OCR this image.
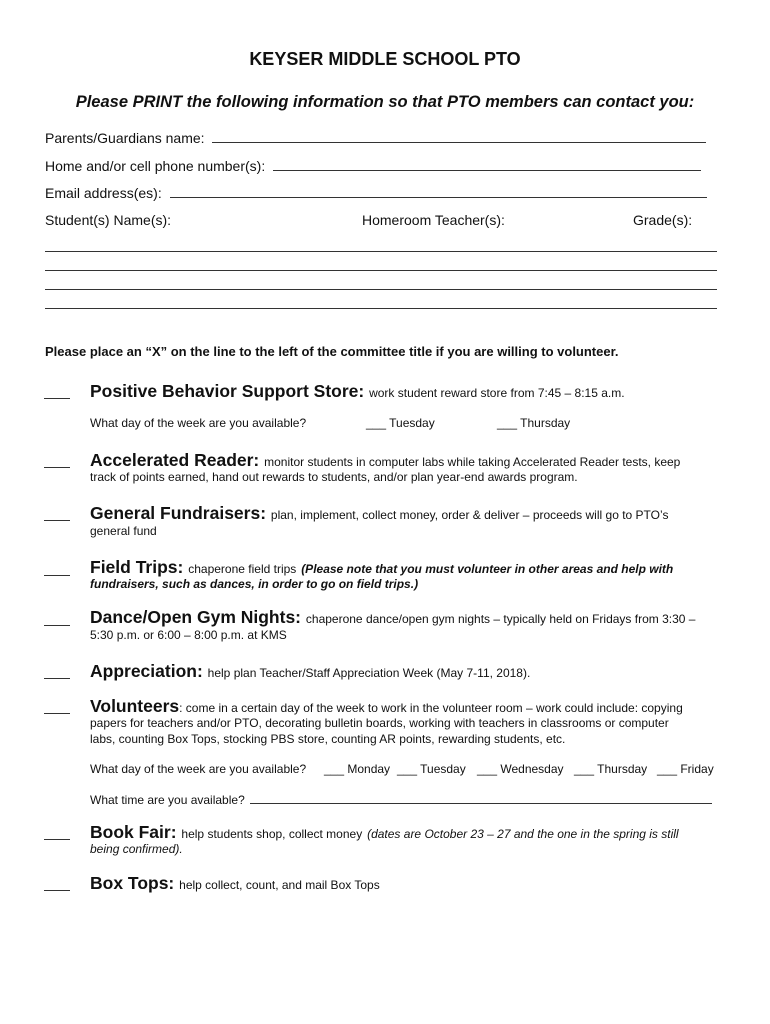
KEYSER MIDDLE SCHOOL PTO
Please PRINT the following information so that PTO members can contact you:
Parents/Guardians name:
Home and/or cell phone number(s):
Email address(es):
Student(s) Name(s):	Homeroom Teacher(s):	Grade(s):
Please place an “X” on the line to the left of the committee title if you are willing to volunteer.
Positive Behavior Support Store: work student reward store from 7:45 – 8:15 a.m.
What day of the week are you available?	___ Tuesday	___ Thursday
Accelerated Reader: monitor students in computer labs while taking Accelerated Reader tests, keep
track of points earned, hand out rewards to students, and/or plan year-end awards program.
General Fundraisers: plan, implement, collect money, order & deliver – proceeds will go to PTO’s
general fund
Field Trips: chaperone field trips (Please note that you must volunteer in other areas and help with
fundraisers, such as dances, in order to go on field trips.)
Dance/Open Gym Nights: chaperone dance/open gym nights – typically held on Fridays from 3:30 –
5:30 p.m. or 6:00 – 8:00 p.m. at KMS
Appreciation: help plan Teacher/Staff Appreciation Week (May 7-11, 2018).
Volunteers: come in a certain day of the week to work in the volunteer room – work could include: copying
papers for teachers and/or PTO, decorating bulletin boards, working with teachers in classrooms or computer
labs, counting Box Tops, stocking PBS store, counting AR points, rewarding students, etc.
What day of the week are you available? ___ Monday ___ Tuesday ___ Wednesday ___ Thursday ___ Friday
What time are you available?
Book Fair: help students shop, collect money (dates are October 23 – 27 and the one in the spring is still
being confirmed).
Box Tops: help collect, count, and mail Box Tops
